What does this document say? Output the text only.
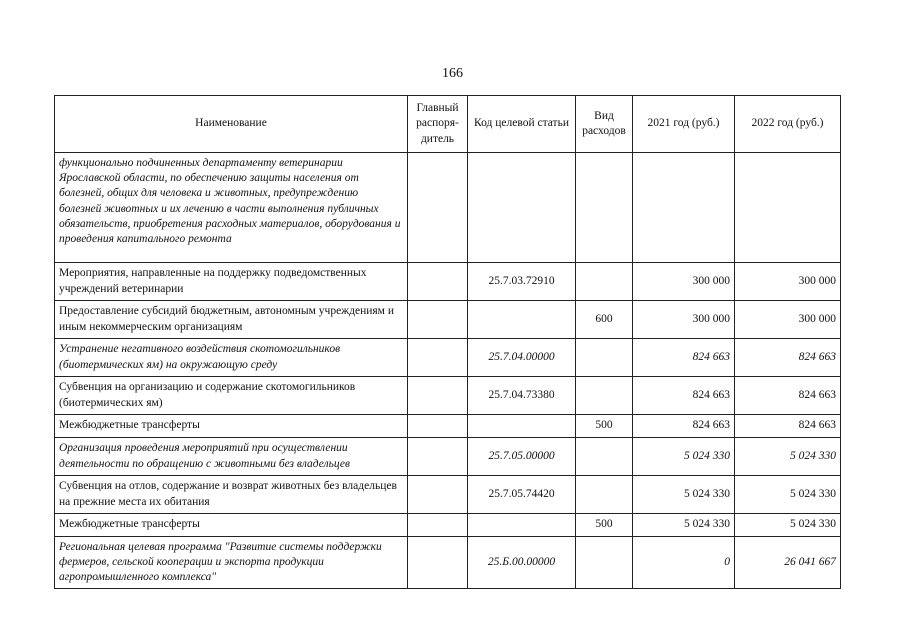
166
Наименование	Главный распоря-дитель	Код целевой статьи	Вид расходов	2021 год (руб.)	2022 год (руб.)
функционально подчиненных департаменту ветеринарии Ярославской области, по обеспечению защиты населения от болезней, общих для человека и животных, предупреждению болезней животных и их лечению в части выполнения публичных обязательств, приобретения расходных материалов, оборудования и проведения капитального ремонта					
Мероприятия, направленные на поддержку подведомственных учреждений ветеринарии		25.7.03.72910		300 000	300 000
Предоставление субсидий бюджетным, автономным учреждениям и иным некоммерческим организациям			600	300 000	300 000
Устранение негативного воздействия скотомогильников (биотермических ям) на окружающую среду		25.7.04.00000		824 663	824 663
Субвенция на организацию и содержание скотомогильников (биотермических ям)		25.7.04.73380		824 663	824 663
Межбюджетные трансферты			500	824 663	824 663
Организация проведения мероприятий при осуществлении деятельности по обращению с животными без владельцев		25.7.05.00000		5 024 330	5 024 330
Субвенция на отлов, содержание и возврат животных без владельцев на прежние места их обитания		25.7.05.74420		5 024 330	5 024 330
Межбюджетные трансферты			500	5 024 330	5 024 330
Региональная целевая программа "Развитие системы поддержки фермеров, сельской кооперации и экспорта продукции агропромышленного комплекса"		25.Б.00.00000		0	26 041 667
